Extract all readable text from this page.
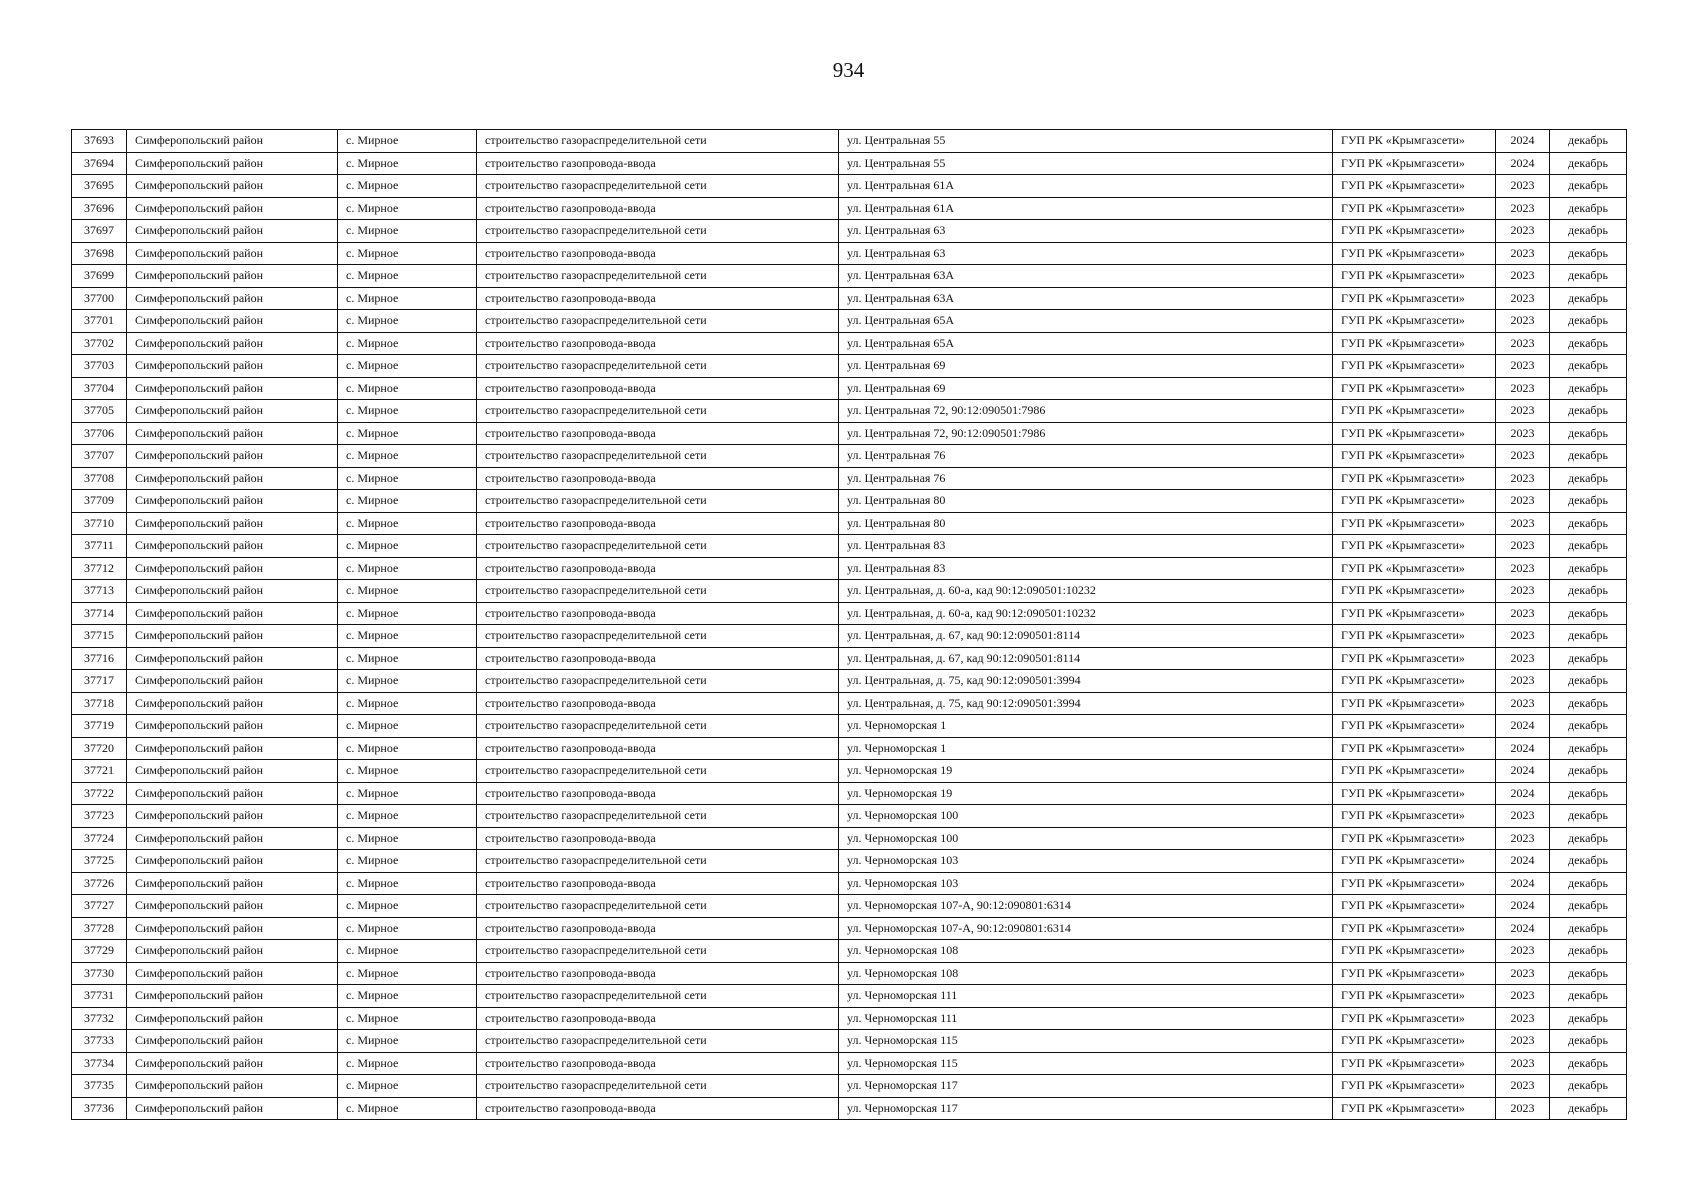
934
37693	Симферопольский район	с. Мирное	строительство газораспределительной сети	ул. Центральная 55	ГУП РК «Крымгазсети»	2024	декабрь
37694	Симферопольский район	с. Мирное	строительство газопровода-ввода	ул. Центральная 55	ГУП РК «Крымгазсети»	2024	декабрь
37695	Симферопольский район	с. Мирное	строительство газораспределительной сети	ул. Центральная 61А	ГУП РК «Крымгазсети»	2023	декабрь
37696	Симферопольский район	с. Мирное	строительство газопровода-ввода	ул. Центральная 61А	ГУП РК «Крымгазсети»	2023	декабрь
37697	Симферопольский район	с. Мирное	строительство газораспределительной сети	ул. Центральная 63	ГУП РК «Крымгазсети»	2023	декабрь
37698	Симферопольский район	с. Мирное	строительство газопровода-ввода	ул. Центральная 63	ГУП РК «Крымгазсети»	2023	декабрь
37699	Симферопольский район	с. Мирное	строительство газораспределительной сети	ул. Центральная 63А	ГУП РК «Крымгазсети»	2023	декабрь
37700	Симферопольский район	с. Мирное	строительство газопровода-ввода	ул. Центральная 63А	ГУП РК «Крымгазсети»	2023	декабрь
37701	Симферопольский район	с. Мирное	строительство газораспределительной сети	ул. Центральная 65А	ГУП РК «Крымгазсети»	2023	декабрь
37702	Симферопольский район	с. Мирное	строительство газопровода-ввода	ул. Центральная 65А	ГУП РК «Крымгазсети»	2023	декабрь
37703	Симферопольский район	с. Мирное	строительство газораспределительной сети	ул. Центральная 69	ГУП РК «Крымгазсети»	2023	декабрь
37704	Симферопольский район	с. Мирное	строительство газопровода-ввода	ул. Центральная 69	ГУП РК «Крымгазсети»	2023	декабрь
37705	Симферопольский район	с. Мирное	строительство газораспределительной сети	ул. Центральная 72, 90:12:090501:7986	ГУП РК «Крымгазсети»	2023	декабрь
37706	Симферопольский район	с. Мирное	строительство газопровода-ввода	ул. Центральная 72, 90:12:090501:7986	ГУП РК «Крымгазсети»	2023	декабрь
37707	Симферопольский район	с. Мирное	строительство газораспределительной сети	ул. Центральная 76	ГУП РК «Крымгазсети»	2023	декабрь
37708	Симферопольский район	с. Мирное	строительство газопровода-ввода	ул. Центральная 76	ГУП РК «Крымгазсети»	2023	декабрь
37709	Симферопольский район	с. Мирное	строительство газораспределительной сети	ул. Центральная 80	ГУП РК «Крымгазсети»	2023	декабрь
37710	Симферопольский район	с. Мирное	строительство газопровода-ввода	ул. Центральная 80	ГУП РК «Крымгазсети»	2023	декабрь
37711	Симферопольский район	с. Мирное	строительство газораспределительной сети	ул. Центральная 83	ГУП РК «Крымгазсети»	2023	декабрь
37712	Симферопольский район	с. Мирное	строительство газопровода-ввода	ул. Центральная 83	ГУП РК «Крымгазсети»	2023	декабрь
37713	Симферопольский район	с. Мирное	строительство газораспределительной сети	ул. Центральная, д. 60-а, кад 90:12:090501:10232	ГУП РК «Крымгазсети»	2023	декабрь
37714	Симферопольский район	с. Мирное	строительство газопровода-ввода	ул. Центральная, д. 60-а, кад 90:12:090501:10232	ГУП РК «Крымгазсети»	2023	декабрь
37715	Симферопольский район	с. Мирное	строительство газораспределительной сети	ул. Центральная, д. 67, кад 90:12:090501:8114	ГУП РК «Крымгазсети»	2023	декабрь
37716	Симферопольский район	с. Мирное	строительство газопровода-ввода	ул. Центральная, д. 67, кад 90:12:090501:8114	ГУП РК «Крымгазсети»	2023	декабрь
37717	Симферопольский район	с. Мирное	строительство газораспределительной сети	ул. Центральная, д. 75, кад 90:12:090501:3994	ГУП РК «Крымгазсети»	2023	декабрь
37718	Симферопольский район	с. Мирное	строительство газопровода-ввода	ул. Центральная, д. 75, кад 90:12:090501:3994	ГУП РК «Крымгазсети»	2023	декабрь
37719	Симферопольский район	с. Мирное	строительство газораспределительной сети	ул. Черноморская 1	ГУП РК «Крымгазсети»	2024	декабрь
37720	Симферопольский район	с. Мирное	строительство газопровода-ввода	ул. Черноморская 1	ГУП РК «Крымгазсети»	2024	декабрь
37721	Симферопольский район	с. Мирное	строительство газораспределительной сети	ул. Черноморская 19	ГУП РК «Крымгазсети»	2024	декабрь
37722	Симферопольский район	с. Мирное	строительство газопровода-ввода	ул. Черноморская 19	ГУП РК «Крымгазсети»	2024	декабрь
37723	Симферопольский район	с. Мирное	строительство газораспределительной сети	ул. Черноморская 100	ГУП РК «Крымгазсети»	2023	декабрь
37724	Симферопольский район	с. Мирное	строительство газопровода-ввода	ул. Черноморская 100	ГУП РК «Крымгазсети»	2023	декабрь
37725	Симферопольский район	с. Мирное	строительство газораспределительной сети	ул. Черноморская 103	ГУП РК «Крымгазсети»	2024	декабрь
37726	Симферопольский район	с. Мирное	строительство газопровода-ввода	ул. Черноморская 103	ГУП РК «Крымгазсети»	2024	декабрь
37727	Симферопольский район	с. Мирное	строительство газораспределительной сети	ул. Черноморская 107-А, 90:12:090801:6314	ГУП РК «Крымгазсети»	2024	декабрь
37728	Симферопольский район	с. Мирное	строительство газопровода-ввода	ул. Черноморская 107-А, 90:12:090801:6314	ГУП РК «Крымгазсети»	2024	декабрь
37729	Симферопольский район	с. Мирное	строительство газораспределительной сети	ул. Черноморская 108	ГУП РК «Крымгазсети»	2023	декабрь
37730	Симферопольский район	с. Мирное	строительство газопровода-ввода	ул. Черноморская 108	ГУП РК «Крымгазсети»	2023	декабрь
37731	Симферопольский район	с. Мирное	строительство газораспределительной сети	ул. Черноморская 111	ГУП РК «Крымгазсети»	2023	декабрь
37732	Симферопольский район	с. Мирное	строительство газопровода-ввода	ул. Черноморская 111	ГУП РК «Крымгазсети»	2023	декабрь
37733	Симферопольский район	с. Мирное	строительство газораспределительной сети	ул. Черноморская 115	ГУП РК «Крымгазсети»	2023	декабрь
37734	Симферопольский район	с. Мирное	строительство газопровода-ввода	ул. Черноморская 115	ГУП РК «Крымгазсети»	2023	декабрь
37735	Симферопольский район	с. Мирное	строительство газораспределительной сети	ул. Черноморская 117	ГУП РК «Крымгазсети»	2023	декабрь
37736	Симферопольский район	с. Мирное	строительство газопровода-ввода	ул. Черноморская 117	ГУП РК «Крымгазсети»	2023	декабрь
